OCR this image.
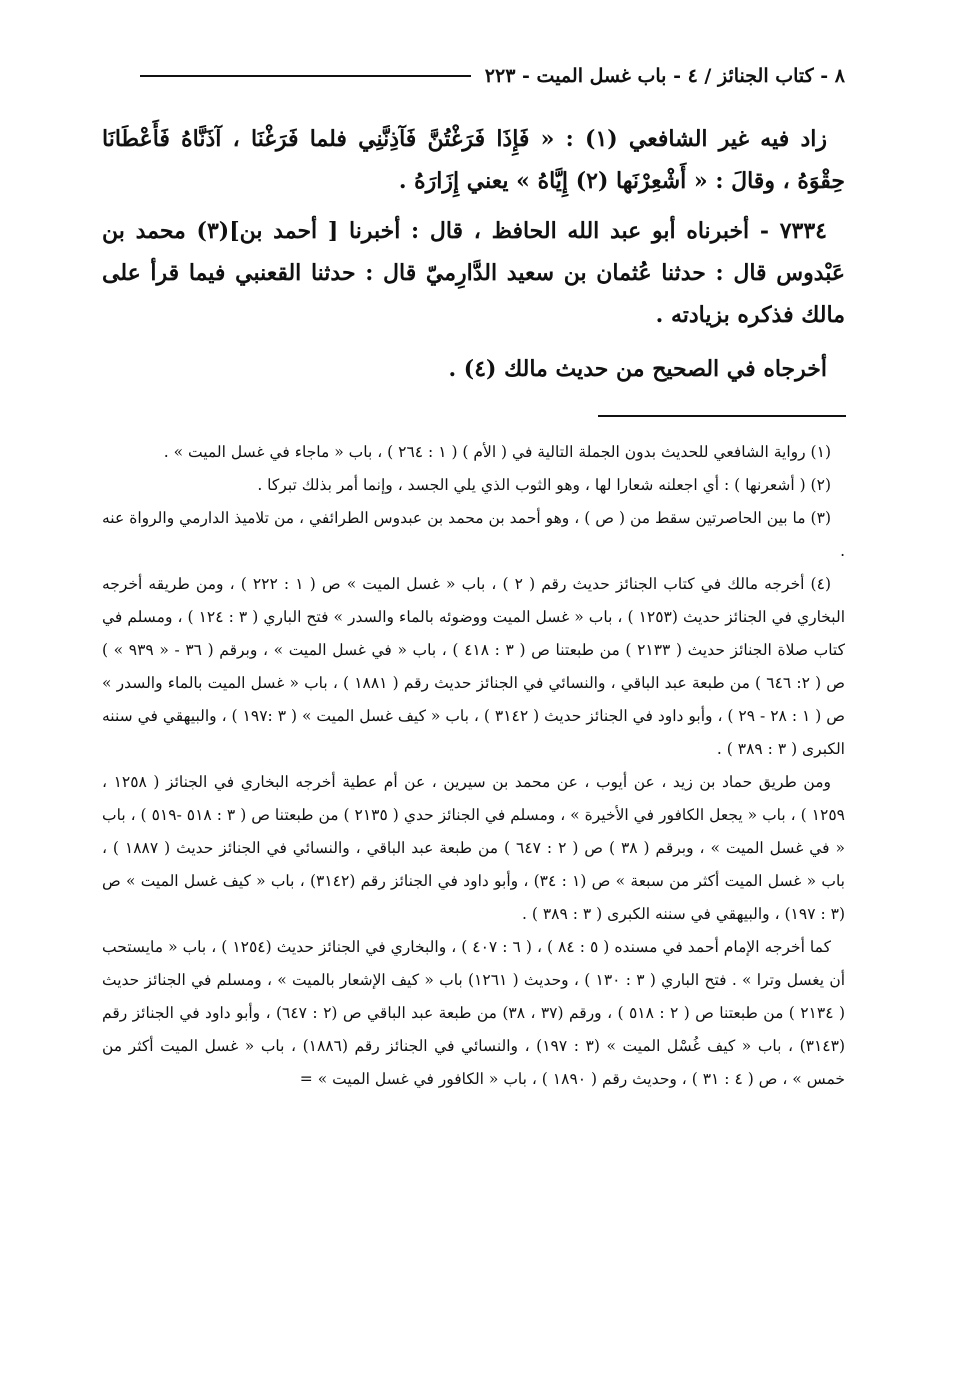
٨ - كتاب الجنائز / ٤ - باب غسل الميت - ٢٢٣

زاد فيه غير الشافعي (١) : « فَإِذَا فَرَغْتُنَّ فَآذِنَّنِي فلما فَرَغْنَا ، آذَنَّاهُ فَأَعْطَانَا حِقْوَهُ ، وقالَ : « أَشْعِرْنَها (٢) إِيَّاهُ » يعني إِزَارَهُ .

٧٣٣٤ - أخبرناه أبو عبد الله الحافظ ، قال : أخبرنا [ أحمد بن](٣) محمد بن عَبْدوس قال : حدثنا عُثمان بن سعيد الدَّارِميّ قال : حدثنا القعنبي فيما قرأ على مالك فذكره بزيادته .

أخرجاه في الصحيح من حديث مالك (٤) .

(١) رواية الشافعي للحديث بدون الجملة التالية في ( الأم ) ( ١ : ٢٦٤ ) ، باب « ماجاء في غسل الميت » .

(٢) ( أشعرنها ) : أي اجعلنه شعارا لها ، وهو الثوب الذي يلي الجسد ، وإنما أمر بذلك تبركا .

(٣) ما بين الحاصرتين سقط من ( ص ) ، وهو أحمد بن محمد بن عبدوس الطرائفي ، من تلاميذ الدارمي والرواة عنه .

(٤) أخرجه مالك في كتاب الجنائز حديث رقم ( ٢ ) ، باب « غسل الميت » ص ( ١ : ٢٢٢ ) ، ومن طريقه أخرجه البخاري في الجنائز حديث (١٢٥٣ ) ، باب « غسل الميت ووضوئه بالماء والسدر » فتح الباري ( ٣ : ١٢٤ ) ، ومسلم في كتاب صلاة الجنائز حديث ( ٢١٣٣ ) من طبعتنا ص ( ٣ : ٤١٨ ) ، باب « في غسل الميت » ، وبرقم ( ٣٦ - « ٩٣٩ » ) ص ( ٢: ٦٤٦ ) من طبعة عبد الباقي ، والنسائي في الجنائز حديث رقم ( ١٨٨١ ) ، باب « غسل الميت بالماء والسدر » ص ( ١ : ٢٨ - ٢٩ ) ، وأبو داود في الجنائز حديث ( ٣١٤٢ ) ، باب « كيف غسل الميت » ( ٣ :١٩٧ ) ، والبيهقي في سننه الكبرى ( ٣ : ٣٨٩ ) .

ومن طريق حماد بن زيد ، عن أيوب ، عن محمد بن سيرين ، عن أم عطية أخرجه البخاري في الجنائز ( ١٢٥٨ ، ١٢٥٩ ) ، باب « يجعل الكافور في الأخيرة » ، ومسلم في الجنائز حدي ( ٢١٣٥ ) من طبعتنا ص ( ٣ : ٥١٨ -٥١٩ ) ، باب « في غسل الميت » ، وبرقم ( ٣٨ ) ص ( ٢ : ٦٤٧ ) من طبعة عبد الباقي ، والنسائي في الجنائز حديث ( ١٨٨٧ ) ، باب « غسل الميت أكثر من سبعة » ص (١ : ٣٤) ، وأبو داود في الجنائز رقم (٣١٤٢) ، باب « كيف غسل الميت » ص (٣ : ١٩٧) ، والبيهقي في سننه الكبرى ( ٣ : ٣٨٩ ) .

كما أخرجه الإمام أحمد في مسنده ( ٥ : ٨٤ ) ، ( ٦ : ٤٠٧ ) ، والبخاري في الجنائز حديث (١٢٥٤ ) ، باب « مايستحب أن يغسل وترا » . فتح الباري ( ٣ : ١٣٠ ) ، وحديث ( ١٢٦١) باب « كيف الإشعار بالميت » ، ومسلم في الجنائز حديث ( ٢١٣٤ ) من طبعتنا ص ( ٢ : ٥١٨ ) ، ورقم (٣٧ ، ٣٨) من طبعة عبد الباقي ص (٢ : ٦٤٧) ، وأبو داود في الجنائز رقم (٣١٤٣) ، باب « كيف غُسْل الميت » (٣ : ١٩٧) ، والنسائي في الجنائز رقم (١٨٨٦) ، باب « غسل الميت أكثر من خمس » ، ص ( ٤ : ٣١ ) ، وحديث رقم ( ١٨٩٠ ) ، باب « الكافور في غسل الميت » =
